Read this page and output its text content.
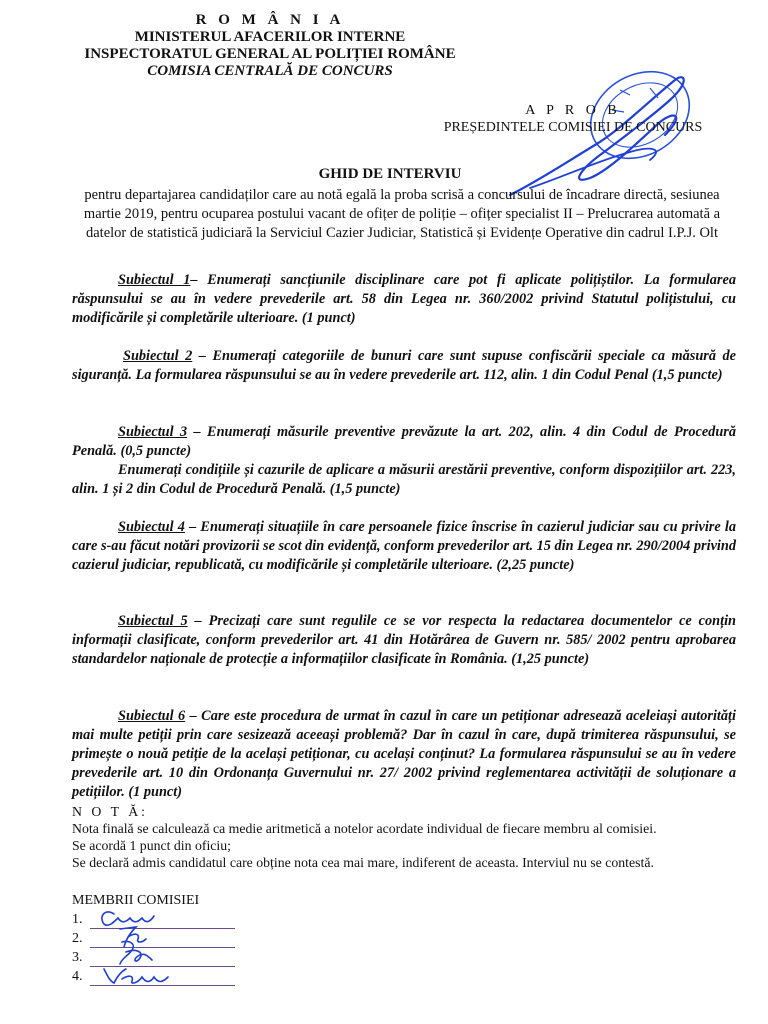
R O M Â N I A
MINISTERUL AFACERILOR INTERNE
INSPECTORATUL GENERAL AL POLIȚIEI ROMÂNE
COMISIA CENTRALĂ DE CONCURS
A P R O B
PREȘEDINTELE COMISIEI DE CONCURS
GHID DE INTERVIU
pentru departajarea candidaților care au notă egală la proba scrisă a concursului de încadrare directă, sesiunea martie 2019, pentru ocuparea postului vacant de ofițer de poliție – ofițer specialist II – Prelucrarea automată a datelor de statistică judiciară la Serviciul Cazier Judiciar, Statistică și Evidențe Operative din cadrul I.P.J. Olt
Subiectul 1– Enumerați sancțiunile disciplinare care pot fi aplicate polițiștilor. La formularea răspunsului se au în vedere prevederile art. 58 din Legea nr. 360/2002 privind Statutul polițistului, cu modificările și completările ulterioare. (1 punct)
Subiectul 2 – Enumerați categoriile de bunuri care sunt supuse confiscării speciale ca măsură de siguranță. La formularea răspunsului se au în vedere prevederile art. 112, alin. 1 din Codul Penal (1,5 puncte)
Subiectul 3 – Enumerați măsurile preventive prevăzute la art. 202, alin. 4 din Codul de Procedură Penală. (0,5 puncte)
Enumerați condițiile și cazurile de aplicare a măsurii arestării preventive, conform dispozițiilor art. 223, alin. 1 și 2 din Codul de Procedură Penală. (1,5 puncte)
Subiectul 4 – Enumerați situațiile în care persoanele fizice înscrise în cazierul judiciar sau cu privire la care s-au făcut notări provizorii se scot din evidență, conform prevederilor art. 15 din Legea nr. 290/2004 privind cazierul judiciar, republicată, cu modificările și completările ulterioare. (2,25 puncte)
Subiectul 5 – Precizați care sunt regulile ce se vor respecta la redactarea documentelor ce conțin informații clasificate, conform prevederilor art. 41 din Hotărârea de Guvern nr. 585/ 2002 pentru aprobarea standardelor naționale de protecție a informațiilor clasificate în România. (1,25 puncte)
Subiectul 6 – Care este procedura de urmat în cazul în care un petiționar adresează aceleiași autorități mai multe petiții prin care sesizează aceeași problemă? Dar în cazul în care, după trimiterea răspunsului, se primește o nouă petiție de la același petiționar, cu același conținut? La formularea răspunsului se au în vedere prevederile art. 10 din Ordonanța Guvernului nr. 27/ 2002 privind reglementarea activității de soluționare a petițiilor. (1 punct)
N O T Ă:
Nota finală se calculează ca medie aritmetică a notelor acordate individual de fiecare membru al comisiei.
Se acordă 1 punct din oficiu;
Se declară admis candidatul care obține nota cea mai mare, indiferent de aceasta. Interviul nu se contestă.
MEMBRII COMISIEI
1.
2.
3.
4.
